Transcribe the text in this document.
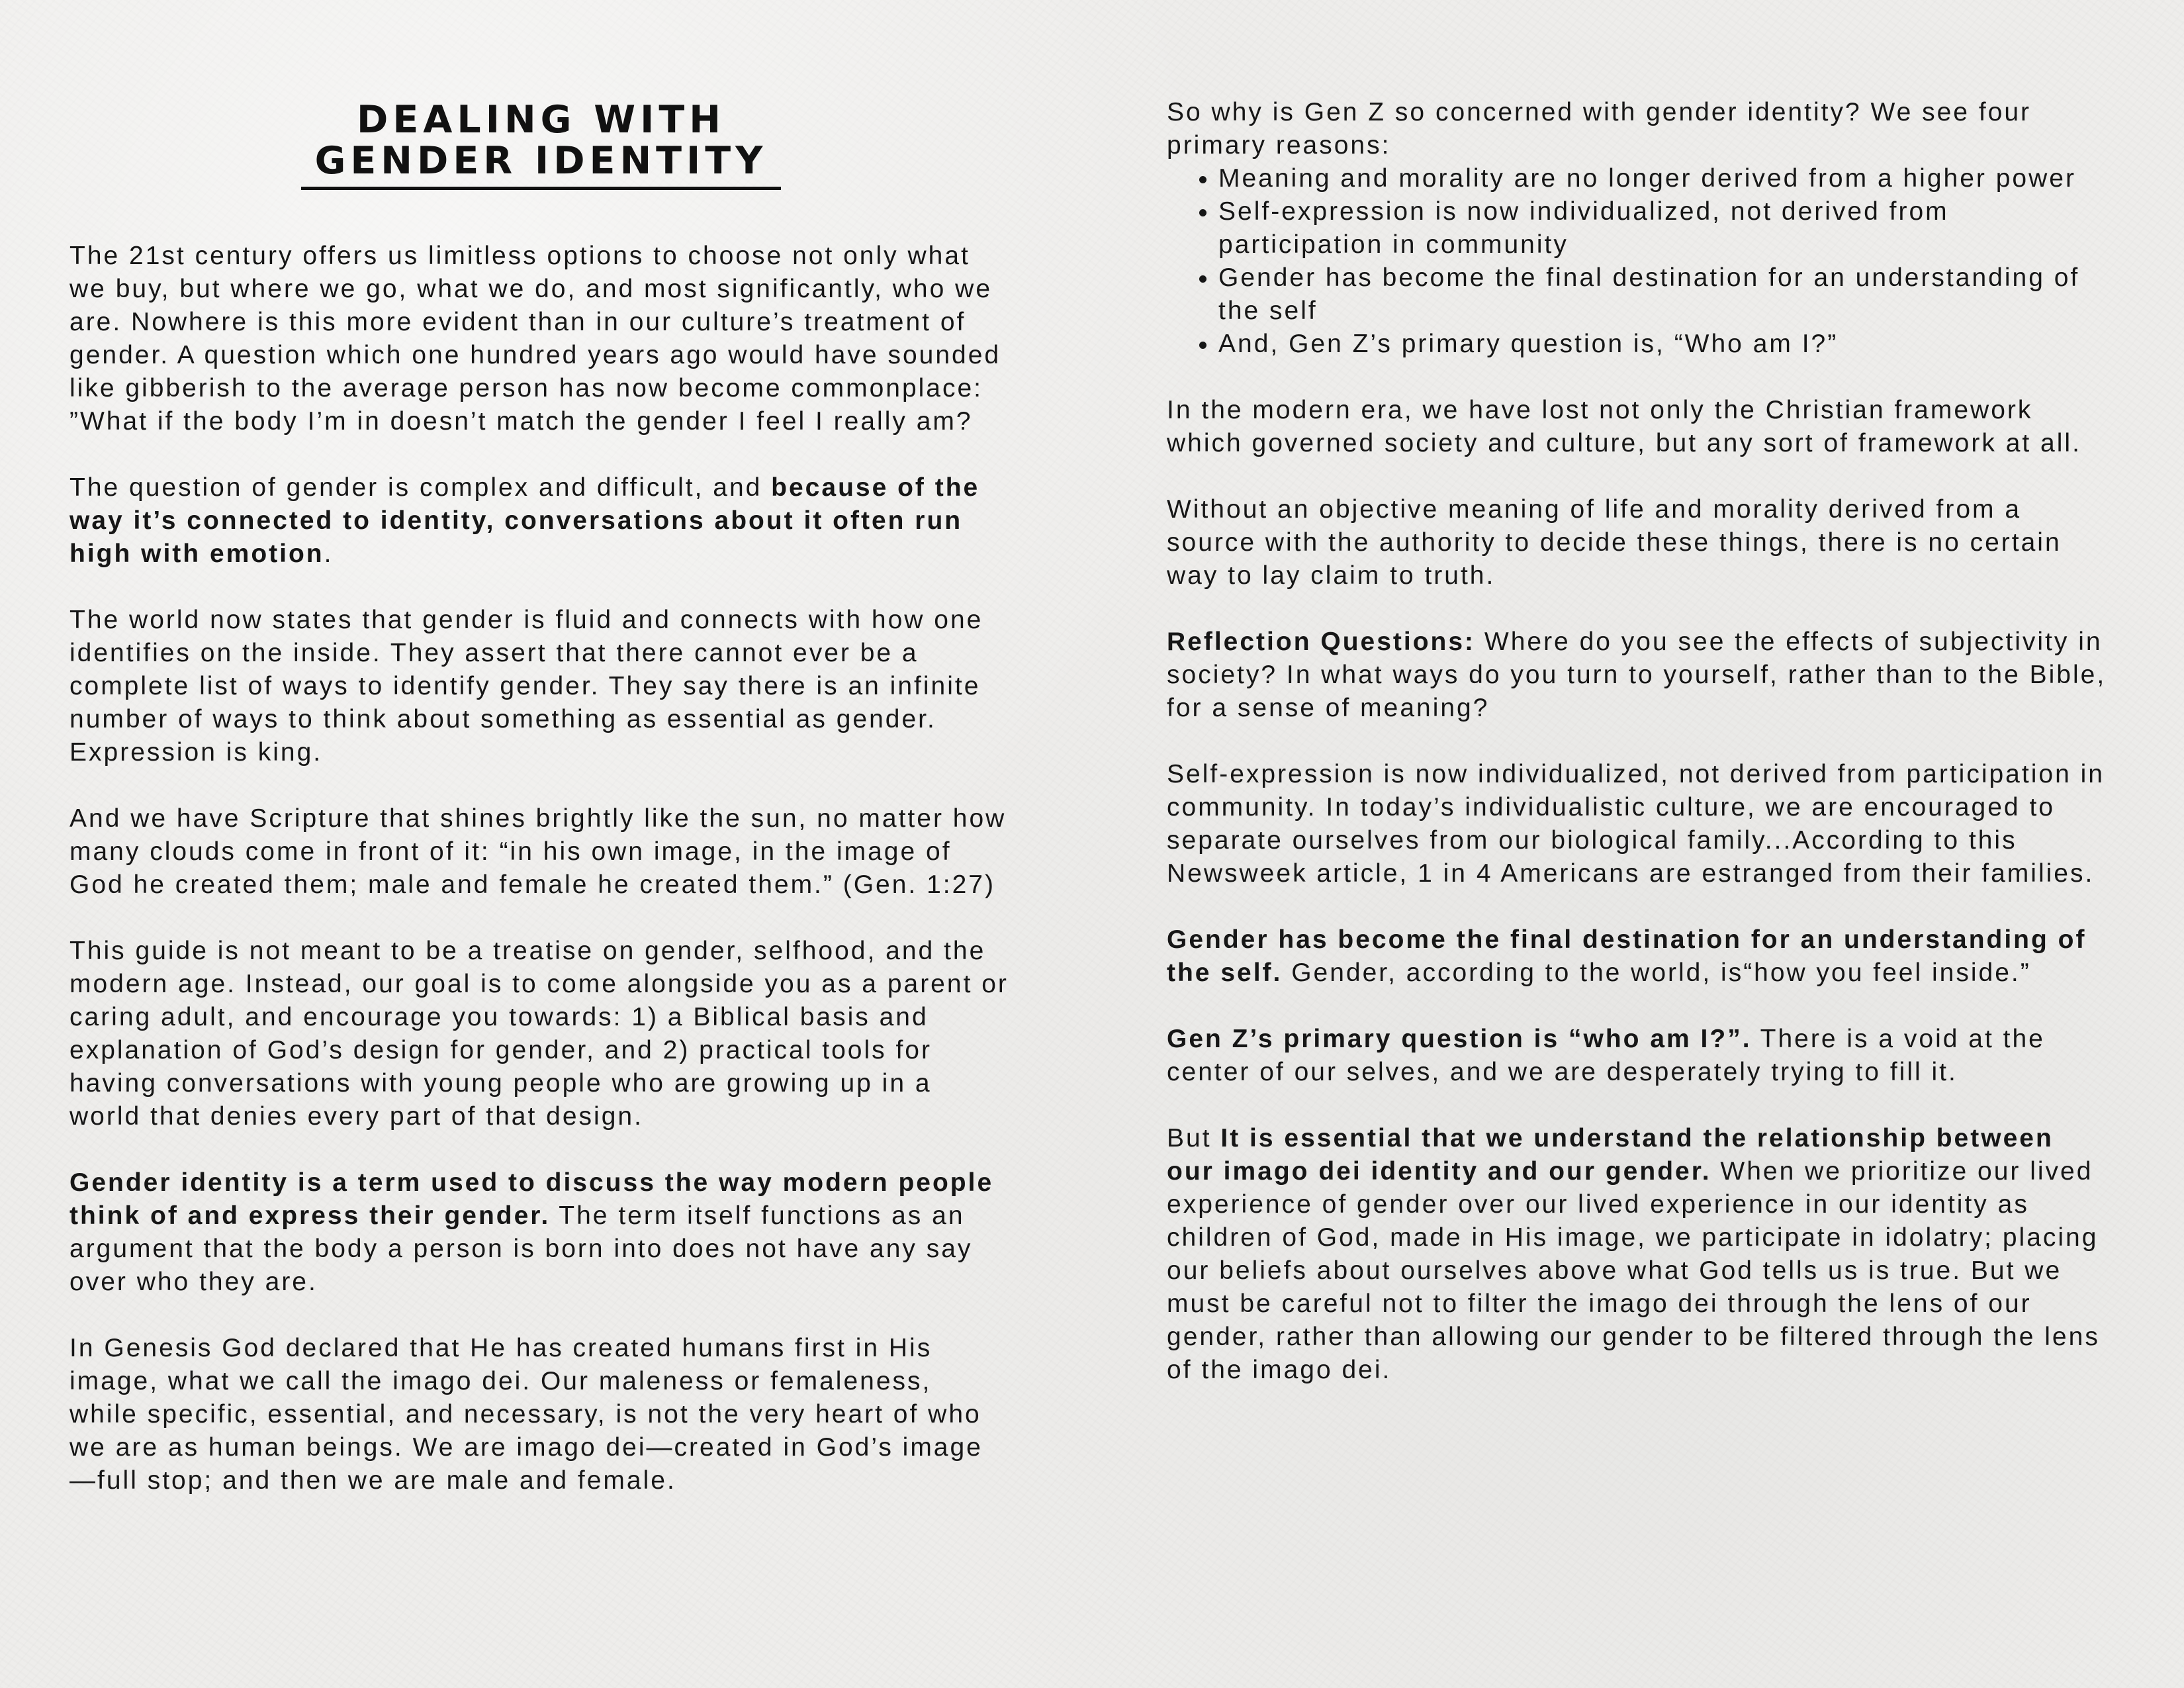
DEALING WITH
GENDER IDENTITY

The 21st century offers us limitless options to choose not only what we buy, but where we go, what we do, and most significantly, who we are. Nowhere is this more evident than in our culture’s treatment of gender. A question which one hundred years ago would have sounded like gibberish to the average person has now become commonplace: ”What if the body I’m in doesn’t match the gender I feel I really am?

The question of gender is complex and difficult, and because of the way it’s connected to identity, conversations about it often run high with emotion.

The world now states that gender is fluid and connects with how one identifies on the inside. They assert that there cannot ever be a complete list of ways to identify gender. They say there is an infinite number of ways to think about something as essential as gender. Expression is king.

And we have Scripture that shines brightly like the sun, no matter how many clouds come in front of it: “in his own image, in the image of God he created them; male and female he created them.” (Gen. 1:27)

This guide is not meant to be a treatise on gender, selfhood, and the modern age. Instead, our goal is to come alongside you as a parent or caring adult, and encourage you towards: 1) a Biblical basis and explanation of God’s design for gender, and 2) practical tools for having conversations with young people who are growing up in a world that denies every part of that design.

Gender identity is a term used to discuss the way modern people think of and express their gender. The term itself functions as an argument that the body a person is born into does not have any say over who they are.

In Genesis God declared that He has created humans first in His image, what we call the imago dei. Our maleness or femaleness, while specific, essential, and necessary, is not the very heart of who we are as human beings. We are imago dei—created in God’s image—full stop; and then we are male and female.

So why is Gen Z so concerned with gender identity? We see four primary reasons:

• Meaning and morality are no longer derived from a higher power
• Self-expression is now individualized, not derived from participation in community
• Gender has become the final destination for an understanding of the self
• And, Gen Z’s primary question is, “Who am I?”

In the modern era, we have lost not only the Christian framework which governed society and culture, but any sort of framework at all.

Without an objective meaning of life and morality derived from a source with the authority to decide these things, there is no certain way to lay claim to truth.

Reflection Questions: Where do you see the effects of subjectivity in society? In what ways do you turn to yourself, rather than to the Bible, for a sense of meaning?

Self-expression is now individualized, not derived from participation in community. In today’s individualistic culture, we are encouraged to separate ourselves from our biological family...According to this Newsweek article, 1 in 4 Americans are estranged from their families.

Gender has become the final destination for an understanding of the self. Gender, according to the world, is“how you feel inside.”

Gen Z’s primary question is “who am I?”. There is a void at the center of our selves, and we are desperately trying to fill it.

But It is essential that we understand the relationship between our imago dei identity and our gender. When we prioritize our lived experience of gender over our lived experience in our identity as children of God, made in His image, we participate in idolatry; placing our beliefs about ourselves above what God tells us is true. But we must be careful not to filter the imago dei through the lens of our gender, rather than allowing our gender to be filtered through the lens of the imago dei.
